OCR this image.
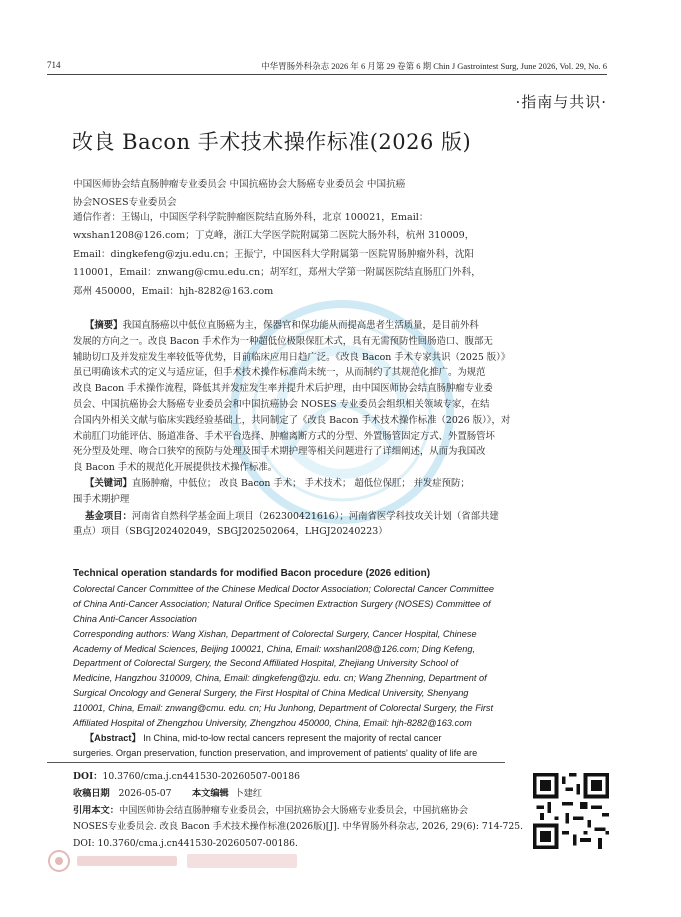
714	中华胃肠外科杂志 2026 年 6 月第 29 卷第 6 期 Chin J Gastrointest Surg, June 2026, Vol. 29, No. 6
·指南与共识·
改良 Bacon 手术技术操作标准(2026 版)
中国医师协会结直肠肿瘤专业委员会 中国抗癌协会大肠癌专业委员会 中国抗癌
协会NOSES专业委员会
通信作者：王锡山，中国医学科学院肿瘤医院结直肠外科，北京 100021，Email：
wxshan1208@126.com；丁克峰，浙江大学医学院附属第二医院大肠外科，杭州 310009，
Email：dingkefeng@zju.edu.cn；王振宁，中国医科大学附属第一医院胃肠肿瘤外科，沈阳
110001，Email：znwang@cmu.edu.cn；胡军红，郑州大学第一附属医院结直肠肛门外科，
郑州 450000，Email：hjh-8282@163.com
【摘要】我国直肠癌以中低位直肠癌为主，保器官和保功能从而提高患者生活质量，是目前外科
发展的方向之一。改良 Bacon 手术作为一种超低位极限保肛术式，具有无需预防性回肠造口、腹部无
辅助切口及并发症发生率较低等优势，目前临床应用日趋广泛。《改良 Bacon 手术专家共识（2025 版）》
虽已明确该术式的定义与适应证，但手术技术操作标准尚未统一，从而制约了其规范化推广。为规范
改良 Bacon 手术操作流程，降低其并发症发生率并提升术后护理，由中国医师协会结直肠肿瘤专业委
员会、中国抗癌协会大肠癌专业委员会和中国抗癌协会 NOSES 专业委员会组织相关领域专家，在结
合国内外相关文献与临床实践经验基础上，共同制定了《改良 Bacon 手术技术操作标准（2026 版）》，对
术前肛门功能评估、肠道准备、手术平台选择、肿瘤离断方式的分型、外置肠管固定方式、外置肠管坏
死分型及处理、吻合口狭窄的预防与处理及围手术期护理等相关问题进行了详细阐述，从而为我国改
良 Bacon 手术的规范化开展提供技术操作标准。
【关键词】直肠肿瘤，中低位； 改良 Bacon 手术； 手术技术； 超低位保肛； 并发症预防；
围手术期护理
基金项目：河南省自然科学基金面上项目（262300421616）；河南省医学科技攻关计划（省部共建
重点）项目（SBGJ202402049，SBGJ202502064，LHGJ20240223）
Technical operation standards for modified Bacon procedure (2026 edition)
Colorectal Cancer Committee of the Chinese Medical Doctor Association; Colorectal Cancer Committee
of China Anti-Cancer Association; Natural Orifice Specimen Extraction Surgery (NOSES) Committee of
China Anti-Cancer Association
Corresponding authors: Wang Xishan, Department of Colorectal Surgery, Cancer Hospital, Chinese
Academy of Medical Sciences, Beijing 100021, China, Email: wxshanl208@126.com; Ding Kefeng,
Department of Colorectal Surgery, the Second Affiliated Hospital, Zhejiang University School of
Medicine, Hangzhou 310009, China, Email: dingkefeng@zju. edu. cn; Wang Zhenning, Department of
Surgical Oncology and General Surgery, the First Hospital of China Medical University, Shenyang
110001, China, Email: znwang@cmu. edu. cn; Hu Junhong, Department of Colorectal Surgery, the First
Affiliated Hospital of Zhengzhou University, Zhengzhou 450000, China, Email: hjh-8282@163.com
【Abstract】 In China, mid-to-low rectal cancers represent the majority of rectal cancer
surgeries. Organ preservation, function preservation, and improvement of patients' quality of life are
DOI：10.3760/cma.j.cn441530-20260507-00186
收稿日期 2026-05-07 本文编辑 卜建红
引用本文：中国医师协会结直肠肿瘤专业委员会，中国抗癌协会大肠癌专业委员会，中国抗癌协会
NOSES专业委员会. 改良 Bacon 手术技术操作标准(2026版)[J]. 中华胃肠外科杂志, 2026, 29(6): 714-725.
DOI: 10.3760/cma.j.cn441530-20260507-00186.
